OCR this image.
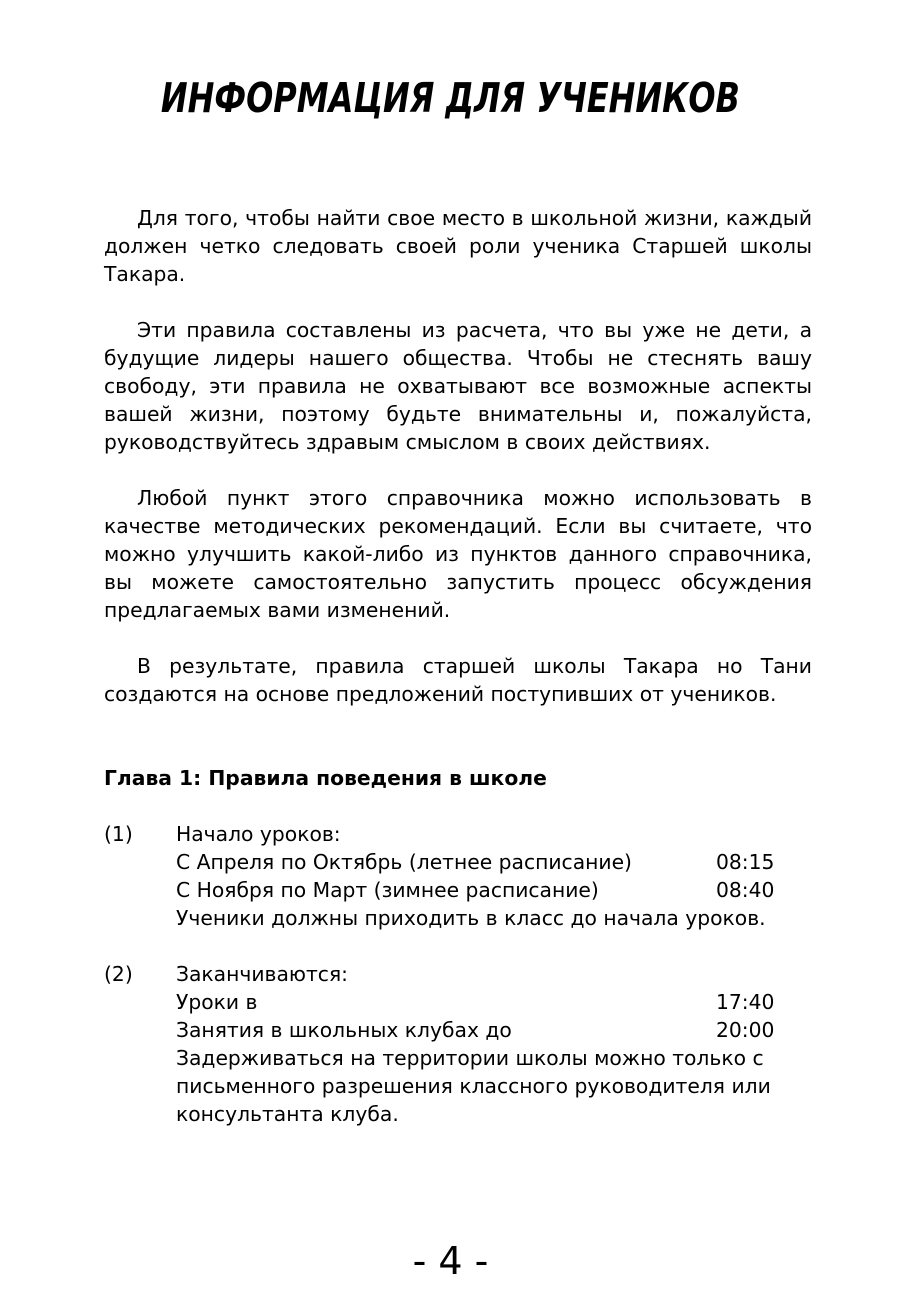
ИНФОРМАЦИЯ ДЛЯ УЧЕНИКОВ

Для того, чтобы найти свое место в школьной жизни, каждый должен четко следовать своей роли ученика Старшей школы Такара.

Эти правила составлены из расчета, что вы уже не дети, а будущие лидеры нашего общества. Чтобы не стеснять вашу свободу, эти правила не охватывают все возможные аспекты вашей жизни, поэтому будьте внимательны и, пожалуйста, руководствуйтесь здравым смыслом в своих действиях.

Любой пункт этого справочника можно использовать в качестве методических рекомендаций. Если вы считаете, что можно улучшить какой-либо из пунктов данного справочника, вы можете самостоятельно запустить процесс обсуждения предлагаемых вами изменений.

В результате, правила старшей школы Такара но Тани создаются на основе предложений поступивших от учеников.

Глава 1: Правила поведения в школе
(1) Начало уроков:
С Апреля по Октябрь (летнее расписание)	08:15
С Ноября по Март (зимнее расписание)	08:40
Ученики должны приходить в класс до начала уроков.
(2) Заканчиваются:
Уроки в	17:40
Занятия в школьных клубах до	20:00
Задерживаться на территории школы можно только с
письменного разрешения классного руководителя или
консультанта клуба.
- 4 -
